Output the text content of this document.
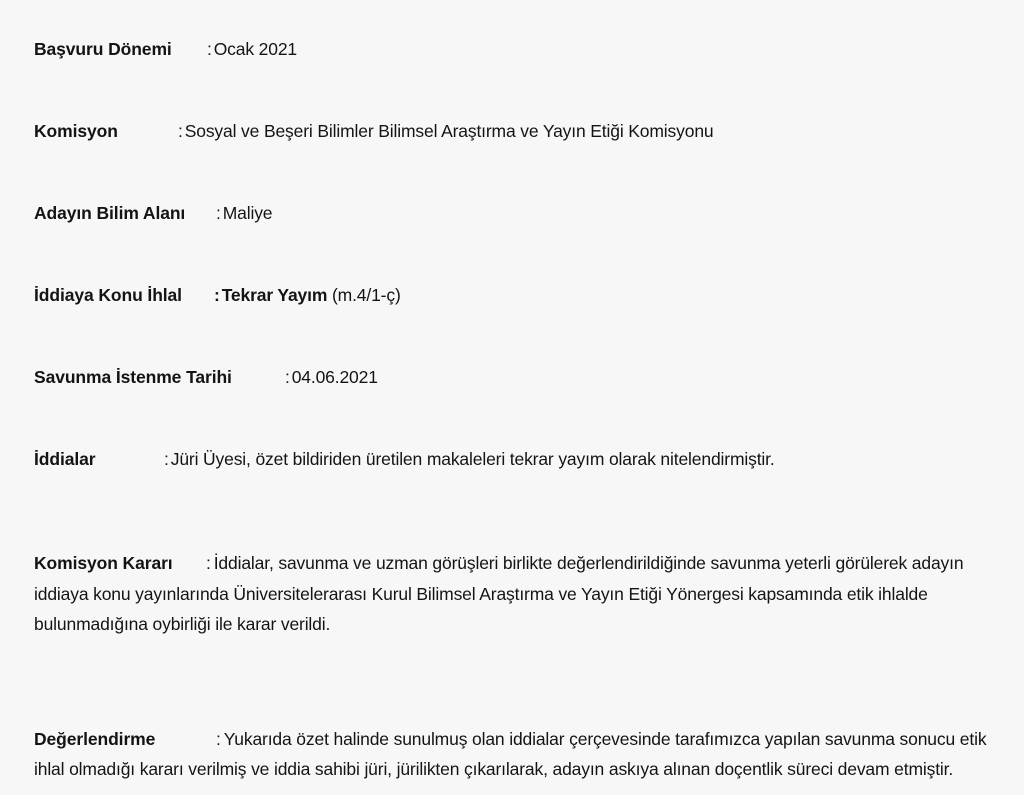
Başvuru Dönemi	: Ocak 2021
Komisyon	: Sosyal ve Beşeri Bilimler Bilimsel Araştırma ve Yayın Etiği Komisyonu
Adayın Bilim Alanı	: Maliye
İddiaya Konu İhlal	: Tekrar Yayım (m.4/1-ç)
Savunma İstenme Tarihi	: 04.06.2021
İddialar	: Jüri Üyesi, özet bildiriden üretilen makaleleri tekrar yayım olarak nitelendirmiştir.

Komisyon Kararı : İddialar, savunma ve uzman görüşleri birlikte değerlendirildiğinde savunma yeterli görülerek adayın iddiaya konu yayınlarında Üniversitelerarası Kurul Bilimsel Araştırma ve Yayın Etiği Yönergesi kapsamında etik ihlalde bulunmadığına oybirliği ile karar verildi.

Değerlendirme	: Yukarıda özet halinde sunulmuş olan iddialar çerçevesinde tarafımızca yapılan savunma sonucu etik ihlal olmadığı kararı verilmiş ve iddia sahibi jüri, jürilikten çıkarılarak, adayın askıya alınan doçentlik süreci devam etmiştir.
